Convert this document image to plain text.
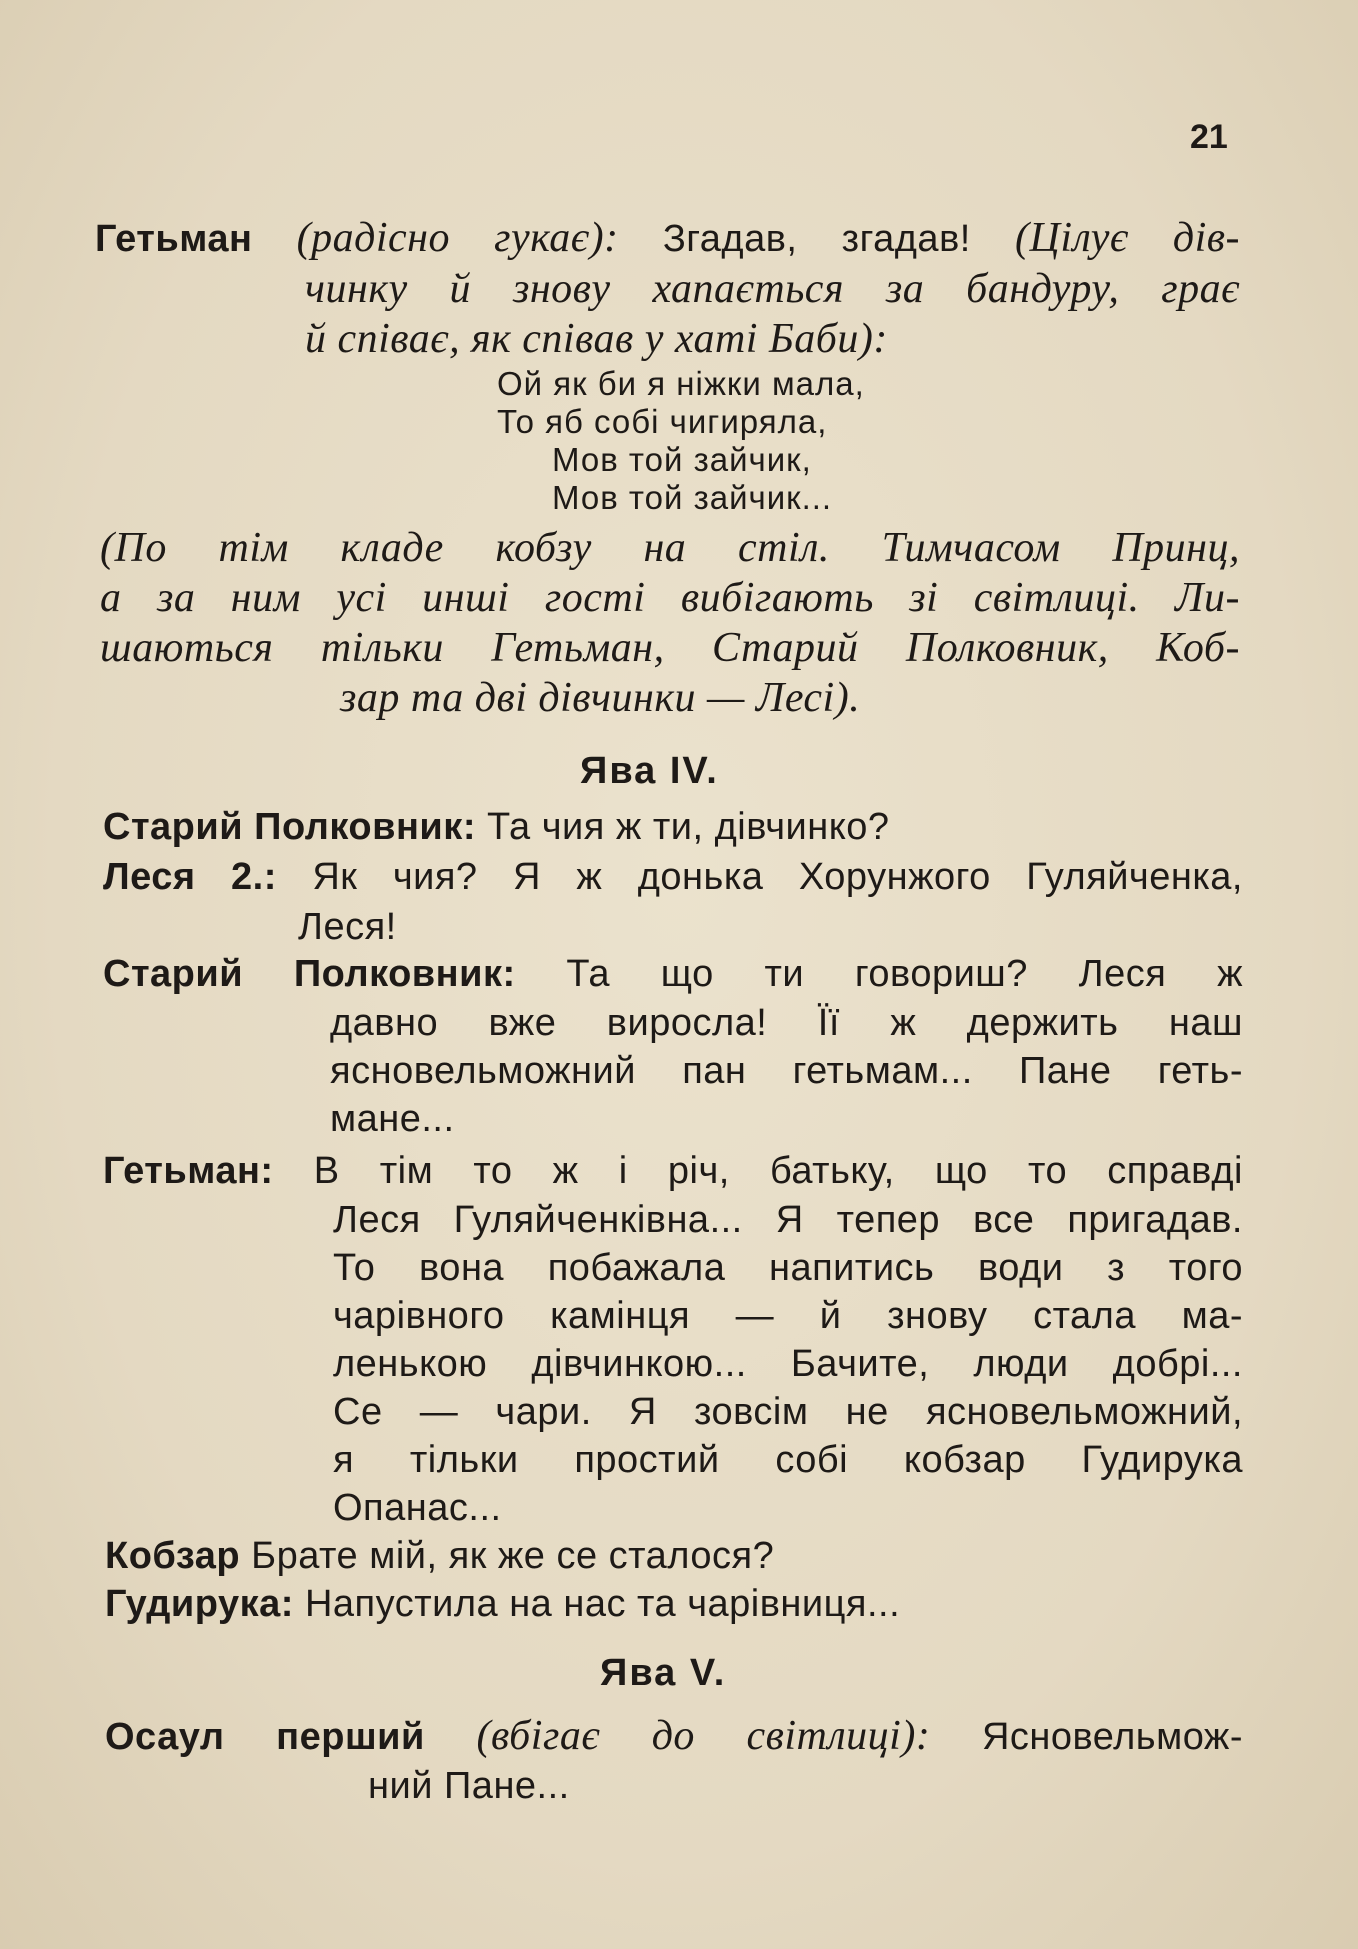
21
Гетьман (радісно гукає): Згадав, згадав! (Цілує дів-
чинку й знову хапається за бандуру, грає
й співає, як співав у хаті Баби):
Ой як би я ніжки мала,
То яб собі чигиряла,
Мов той зайчик,
Мов той зайчик...
(По тім кладе кобзу на стіл. Тимчасом Принц,
а за ним усі инші гості вибігають зі світлиці. Ли-
шаються тільки Гетьман, Старий Полковник, Коб-
зар та дві дівчинки — Лесі).
Ява IV.
Старий Полковник: Та чия ж ти, дівчинко?
Леся 2.: Як чия? Я ж донька Хорунжого Гуляйченка,
Леся!
Старий Полковник: Та що ти говориш? Леся ж
давно вже виросла! Її ж держить наш
ясновельможний пан гетьмам... Пане геть-
мане...
Гетьман: В тім то ж і річ, батьку, що то справді
Леся Гуляйченківна... Я тепер все пригадав.
То вона побажала напитись води з того
чарівного камінця — й знову стала ма-
ленькою дівчинкою... Бачите, люди добрі...
Се — чари. Я зовсім не ясновельможний,
я тільки простий собі кобзар Гудирука
Опанас...
Кобзар Брате мій, як же се сталося?
Гудирука: Напустила на нас та чарівниця...
Ява V.
Осаул перший (вбігає до світлиці): Ясновельмож-
ний Пане...
